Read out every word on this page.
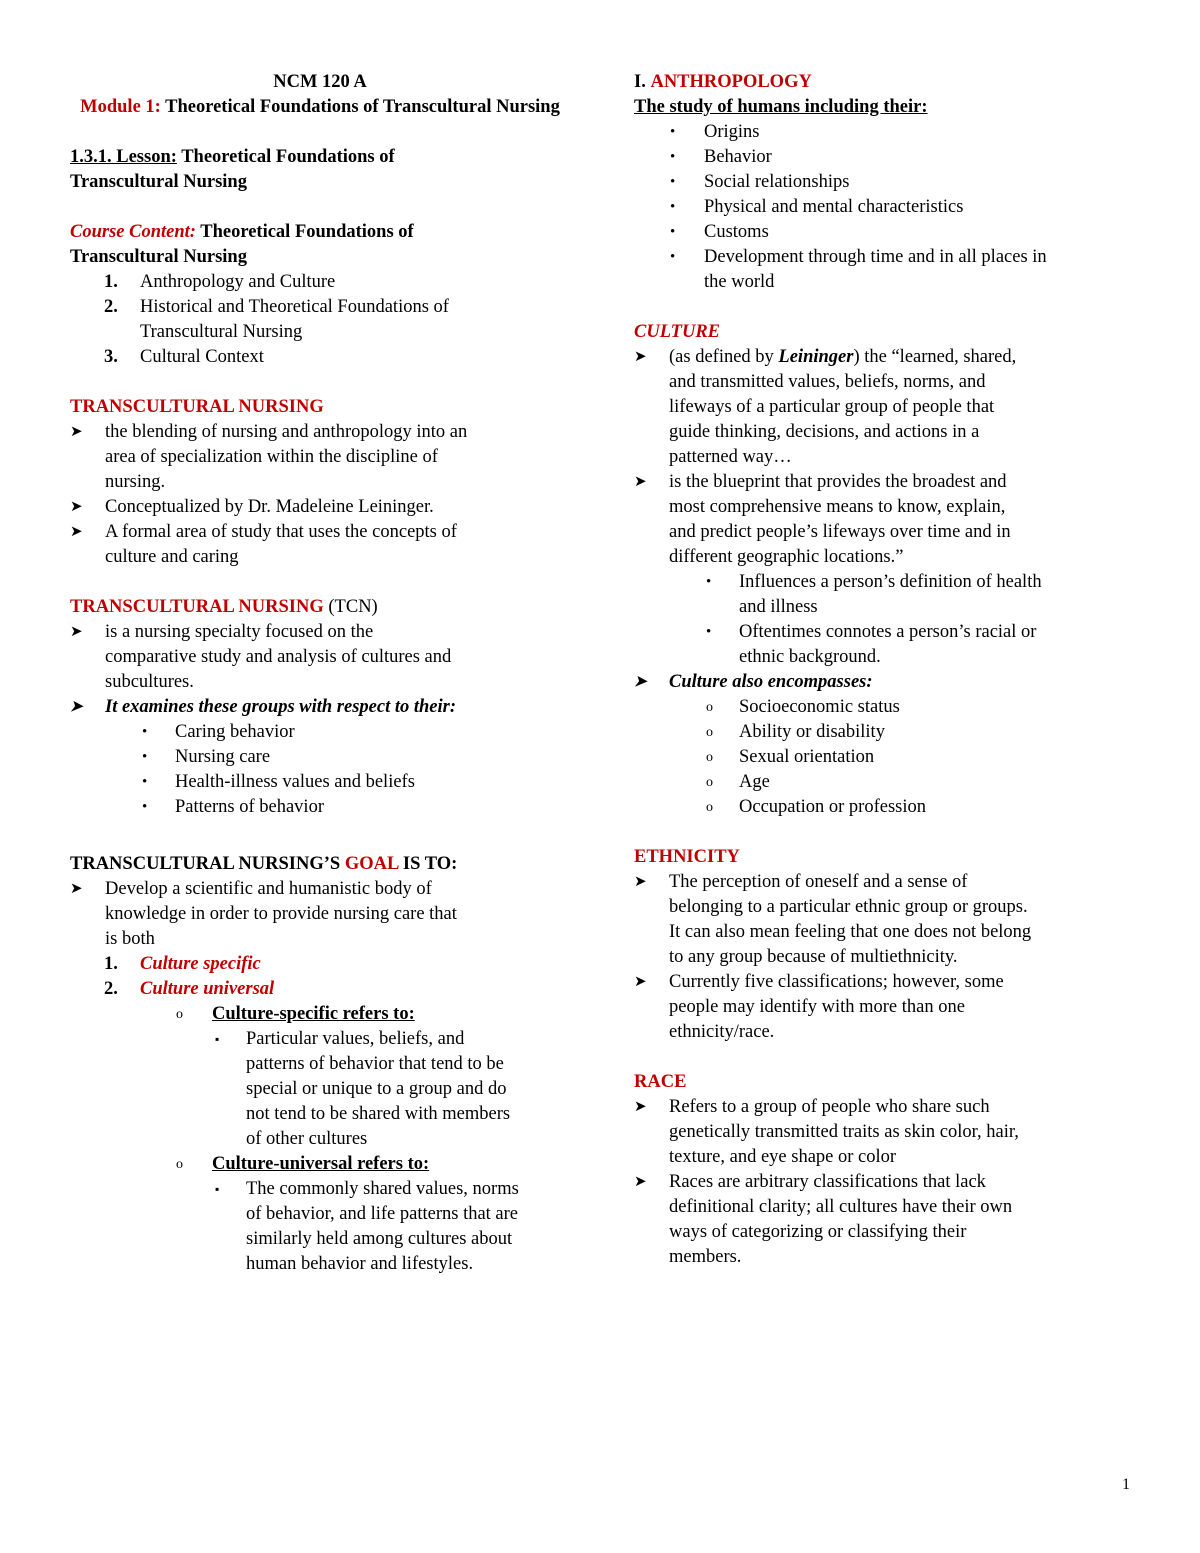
NCM 120 A
Module 1: Theoretical Foundations of Transcultural Nursing
1.3.1. Lesson: Theoretical Foundations of
Transcultural Nursing
Course Content: Theoretical Foundations of
Transcultural Nursing
1.	Anthropology and Culture
2.	Historical and Theoretical Foundations of
Transcultural Nursing
3.	Cultural Context
TRANSCULTURAL NURSING
➤	the blending of nursing and anthropology into an
area of specialization within the discipline of
nursing.
➤	Conceptualized by Dr. Madeleine Leininger.
➤	A formal area of study that uses the concepts of
culture and caring
TRANSCULTURAL NURSING (TCN)
➤	is a nursing specialty focused on the
comparative study and analysis of cultures and
subcultures.
➤	It examines these groups with respect to their:
•	Caring behavior
•	Nursing care
•	Health-illness values and beliefs
•	Patterns of behavior
TRANSCULTURAL NURSING’S GOAL IS TO:
➤	Develop a scientific and humanistic body of
knowledge in order to provide nursing care that
is both
1.	Culture specific
2.	Culture universal
o	Culture-specific refers to:
▪	Particular values, beliefs, and
patterns of behavior that tend to be
special or unique to a group and do
not tend to be shared with members
of other cultures
o	Culture-universal refers to:
▪	The commonly shared values, norms
of behavior, and life patterns that are
similarly held among cultures about
human behavior and lifestyles.
I. ANTHROPOLOGY
The study of humans including their:
•	Origins
•	Behavior
•	Social relationships
•	Physical and mental characteristics
•	Customs
•	Development through time and in all places in
the world
CULTURE
➤	(as defined by Leininger) the “learned, shared,
and transmitted values, beliefs, norms, and
lifeways of a particular group of people that
guide thinking, decisions, and actions in a
patterned way…
➤	is the blueprint that provides the broadest and
most comprehensive means to know, explain,
and predict people’s lifeways over time and in
different geographic locations.”
•	Influences a person’s definition of health
and illness
•	Oftentimes connotes a person’s racial or
ethnic background.
➤	Culture also encompasses:
o	Socioeconomic status
o	Ability or disability
o	Sexual orientation
o	Age
o	Occupation or profession
ETHNICITY
➤	The perception of oneself and a sense of
belonging to a particular ethnic group or groups.
It can also mean feeling that one does not belong
to any group because of multiethnicity.
➤	Currently five classifications; however, some
people may identify with more than one
ethnicity/race.
RACE
➤	Refers to a group of people who share such
genetically transmitted traits as skin color, hair,
texture, and eye shape or color
➤	Races are arbitrary classifications that lack
definitional clarity; all cultures have their own
ways of categorizing or classifying their
members.
1
